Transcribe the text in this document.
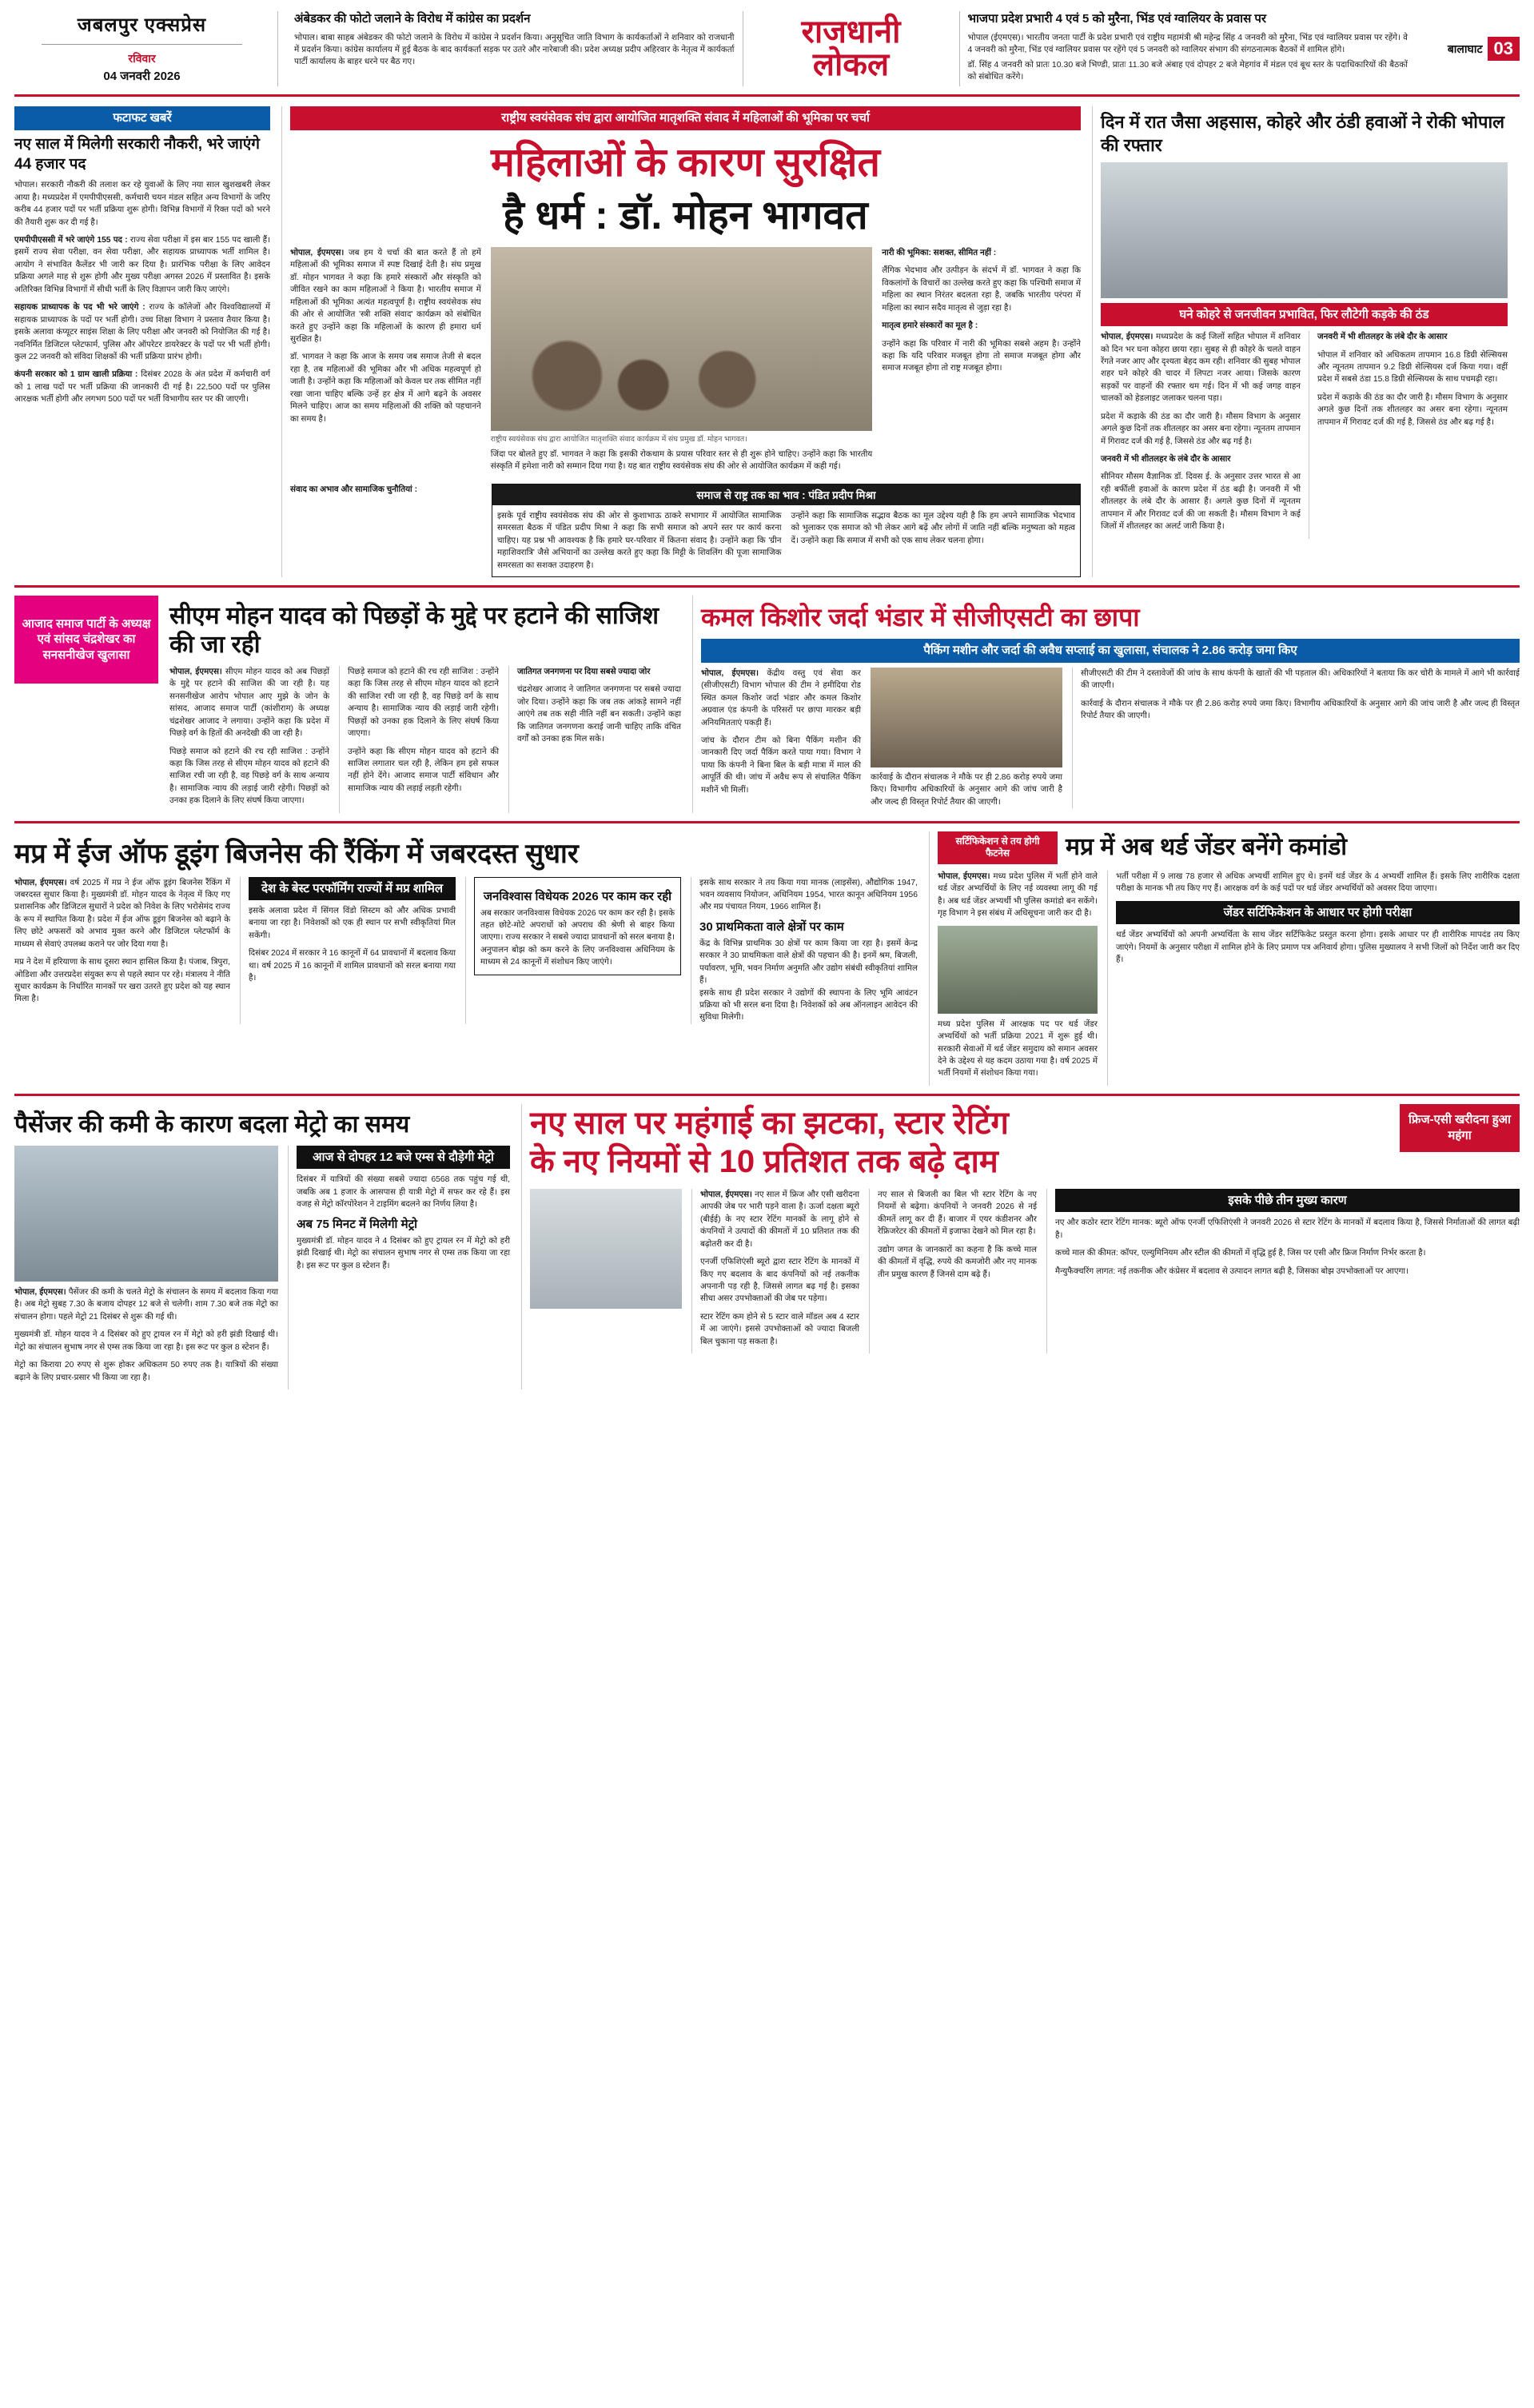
जबलपुर एक्सप्रेस
रविवार
04 जनवरी 2026
अंबेडकर की फोटो जलाने के विरोध में कांग्रेस का प्रदर्शन

भोपाल। बाबा साहब अंबेडकर की फोटो जलाने के विरोध में कांग्रेस ने प्रदर्शन किया। अनुसूचित जाति विभाग के कार्यकर्ताओं ने शनिवार को राजधानी में प्रदर्शन किया। कांग्रेस कार्यालय में हुई बैठक के बाद कार्यकर्ता सड़क पर उतरे और नारेबाजी की। प्रदेश अध्यक्ष प्रदीप अहिरवार के नेतृत्व में कार्यकर्ता पार्टी कार्यालय के बाहर धरने पर बैठ गए।

राजधानी
लोकल
भाजपा प्रदेश प्रभारी 4 एवं 5 को मुरैना, भिंड एवं ग्वालियर के प्रवास पर

भोपाल (ईएमएस)। भारतीय जनता पार्टी के प्रदेश प्रभारी एवं राष्ट्रीय महामंत्री श्री महेन्द्र सिंह 4 जनवरी को मुरैना, भिंड एवं ग्वालियर प्रवास पर रहेंगे। वे 4 जनवरी को मुरैना, भिंड एवं ग्वालियर प्रवास पर रहेंगे एवं 5 जनवरी को ग्वालियर संभाग की संगठनात्मक बैठकों में शामिल होंगे।

डॉ. सिंह 4 जनवरी को प्रातः 10.30 बजे भिण्डी, प्रातः 11.30 बजे अंबाह एवं दोपहर 2 बजे मेहगांव में मंडल एवं बूथ स्तर के पदाधिकारियों की बैठकों को संबोधित करेंगे।

बालाघाट 03
फटाफट खबरें
नए साल में मिलेगी सरकारी नौकरी, भरे जाएंगे 44 हजार पद

भोपाल। सरकारी नौकरी की तलाश कर रहे युवाओं के लिए नया साल खुशखबरी लेकर आया है। मध्यप्रदेश में एमपीपीएससी, कर्मचारी चयन मंडल सहित अन्य विभागों के जरिए करीब 44 हजार पदों पर भर्ती प्रक्रिया शुरू होगी। विभिन्न विभागों में रिक्त पदों को भरने की तैयारी शुरू कर दी गई है।

एमपीपीएससी में भरे जाएंगे 155 पद : राज्य सेवा परीक्षा में इस बार 155 पद खाली हैं। इसमें राज्य सेवा परीक्षा, वन सेवा परीक्षा, और सहायक प्राध्यापक भर्ती शामिल है। आयोग ने संभावित कैलेंडर भी जारी कर दिया है। प्रारंभिक परीक्षा के लिए आवेदन प्रक्रिया अगले माह से शुरू होगी और मुख्य परीक्षा अगस्त 2026 में प्रस्तावित है। इसके अतिरिक्त विभिन्न विभागों में सीधी भर्ती के लिए विज्ञापन जारी किए जाएंगे।

सहायक प्राध्यापक के पद भी भरे जाएंगे : राज्य के कॉलेजों और विश्वविद्यालयों में सहायक प्राध्यापक के पदों पर भर्ती होगी। उच्च शिक्षा विभाग ने प्रस्ताव तैयार किया है। इसके अलावा कंप्यूटर साइंस शिक्षा के लिए परीक्षा और जनवरी को नियोजित की गई है। नवनिर्मित डिजिटल प्लेटफार्म, पुलिस और ऑपरेटर डायरेक्टर के पदों पर भी भर्ती होगी। कुल 22 जनवरी को संविदा शिक्षकों की भर्ती प्रक्रिया प्रारंभ होगी।

कंपनी सरकार को 1 ग्राम खाली प्रक्रिया : दिसंबर 2028 के अंत प्रदेश में कर्मचारी वर्ग को 1 लाख पदों पर भर्ती प्रक्रिया की जानकारी दी गई है। 22,500 पदों पर पुलिस आरक्षक भर्ती होगी और लगभग 500 पदों पर भर्ती विभागीय स्तर पर की जाएगी।

राष्ट्रीय स्वयंसेवक संघ द्वारा आयोजित मातृशक्ति संवाद में महिलाओं की भूमिका पर चर्चा
महिलाओं के कारण सुरक्षित
है धर्म : डॉ. मोहन भागवत

भोपाल, ईएमएस। जब हम ये चर्चा की बात करते हैं तो हमें महिलाओं की भूमिका समाज में स्पष्ट दिखाई देती है। संघ प्रमुख डॉ. मोहन भागवत ने कहा कि हमारे संस्कारों और संस्कृति को जीवित रखने का काम महिलाओं ने किया है। भारतीय समाज में महिलाओं की भूमिका अत्यंत महत्वपूर्ण है। राष्ट्रीय स्वयंसेवक संघ की ओर से आयोजित 'स्त्री शक्ति संवाद' कार्यक्रम को संबोधित करते हुए उन्होंने कहा कि महिलाओं के कारण ही हमारा धर्म सुरक्षित है।

डॉ. भागवत ने कहा कि आज के समय जब समाज तेजी से बदल रहा है, तब महिलाओं की भूमिका और भी अधिक महत्वपूर्ण हो जाती है। उन्होंने कहा कि महिलाओं को केवल घर तक सीमित नहीं रखा जाना चाहिए बल्कि उन्हें हर क्षेत्र में आगे बढ़ने के अवसर मिलने चाहिए। आज का समय महिलाओं की शक्ति को पहचानने का समय है।

राष्ट्रीय स्वयंसेवक संघ द्वारा आयोजित मातृशक्ति संवाद कार्यक्रम में संघ प्रमुख डॉ. मोहन भागवत।

जिंदा पर बोलते हुए डॉ. भागवत ने कहा कि इसकी रोकथाम के प्रयास परिवार स्तर से ही शुरू होने चाहिए। उन्होंने कहा कि भारतीय संस्कृति में हमेशा नारी को सम्मान दिया गया है। यह बात राष्ट्रीय स्वयंसेवक संघ की ओर से आयोजित कार्यक्रम में कही गई।

नारी की भूमिका: सशक्त, सीमित नहीं :

लैंगिक भेदभाव और उत्पीड़न के संदर्भ में डॉ. भागवत ने कहा कि विकलांगों के विचारों का उल्लेख करते हुए कहा कि पश्चिमी समाज में महिला का स्थान निरंतर बदलता रहा है, जबकि भारतीय परंपरा में महिला का स्थान सदैव मातृत्व से जुड़ा रहा है।

मातृत्व हमारे संस्कारों का मूल है :

उन्होंने कहा कि परिवार में नारी की भूमिका सबसे अहम है। उन्होंने कहा कि यदि परिवार मजबूत होगा तो समाज मजबूत होगा और समाज मजबूत होगा तो राष्ट्र मजबूत होगा।

संवाद का अभाव और सामाजिक चुनौतियां :	समाज से राष्ट्र तक का भाव : पंडित प्रदीप मिश्रा
इसके पूर्व राष्ट्रीय स्वयंसेवक संघ की ओर से कुशाभाऊ ठाकरे सभागार में आयोजित सामाजिक समरसता बैठक में पंडित प्रदीप मिश्रा ने कहा कि सभी समाज को अपने स्तर पर कार्य करना चाहिए। यह प्रश्न भी आवश्यक है कि हमारे घर-परिवार में कितना संवाद है। उन्होंने कहा कि 'ग्रीन महाशिवरात्रि' जैसे अभियानों का उल्लेख करते हुए कहा कि मिट्टी के शिवलिंग की पूजा सामाजिक समरसता का सशक्त उदाहरण है।
उन्होंने कहा कि सामाजिक सद्भाव बैठक का मूल उद्देश्य यही है कि हम अपने सामाजिक भेदभाव को भुलाकर एक समाज को भी लेकर आगे बढ़ें और लोगों में जाति नहीं बल्कि मनुष्यता को महत्व दें। उन्होंने कहा कि समाज में सभी को एक साथ लेकर चलना होगा।
दिन में रात जैसा अहसास, कोहरे और ठंडी हवाओं ने रोकी भोपाल की रफ्तार
घने कोहरे से जनजीवन प्रभावित, फिर लौटेगी कड़के की ठंड

भोपाल, ईएमएस। मध्यप्रदेश के कई जिलों सहित भोपाल में शनिवार को दिन भर घना कोहरा छाया रहा। सुबह से ही कोहरे के चलते वाहन रेंगते नजर आए और दृश्यता बेहद कम रही। शनिवार की सुबह भोपाल शहर घने कोहरे की चादर में लिपटा नजर आया। जिसके कारण सड़कों पर वाहनों की रफ्तार थम गई। दिन में भी कई जगह वाहन चालकों को हेडलाइट जलाकर चलना पड़ा।

प्रदेश में कड़ाके की ठंड का दौर जारी है। मौसम विभाग के अनुसार अगले कुछ दिनों तक शीतलहर का असर बना रहेगा। न्यूनतम तापमान में गिरावट दर्ज की गई है, जिससे ठंड और बढ़ गई है।

जनवरी में भी शीतलहर के लंबे दौर के आसार

सीनियर मौसम वैज्ञानिक डॉ. दिवस ई. के अनुसार उत्तर भारत से आ रही बर्फीली हवाओं के कारण प्रदेश में ठंड बढ़ी है। जनवरी में भी शीतलहर के लंबे दौर के आसार हैं। अगले कुछ दिनों में न्यूनतम तापमान में और गिरावट दर्ज की जा सकती है। मौसम विभाग ने कई जिलों में शीतलहर का अलर्ट जारी किया है।

जनवरी में भी शीतलहर के लंबे दौर के आसार

भोपाल में शनिवार को अधिकतम तापमान 16.8 डिग्री सेल्सियस और न्यूनतम तापमान 9.2 डिग्री सेल्सियस दर्ज किया गया। वहीं प्रदेश में सबसे ठंडा 15.8 डिग्री सेल्सियस के साथ पचमढ़ी रहा।

प्रदेश में कड़ाके की ठंड का दौर जारी है। मौसम विभाग के अनुसार अगले कुछ दिनों तक शीतलहर का असर बना रहेगा। न्यूनतम तापमान में गिरावट दर्ज की गई है, जिससे ठंड और बढ़ गई है।

आजाद समाज पार्टी के अध्यक्ष एवं सांसद चंद्रशेखर का सनसनीखेज खुलासा
सीएम मोहन यादव को पिछड़ों के मुद्दे पर हटाने की साजिश की जा रही

भोपाल, ईएमएस। सीएम मोहन यादव को अब पिछड़ों के मुद्दे पर हटाने की साजिश की जा रही है। यह सनसनीखेज आरोप भोपाल आए मुझे के जोन के सांसद, आजाद समाज पार्टी (कांशीराम) के अध्यक्ष चंद्रशेखर आजाद ने लगाया। उन्होंने कहा कि प्रदेश में पिछड़े वर्ग के हितों की अनदेखी की जा रही है।

पिछड़े समाज को हटाने की रच रही साजिश : उन्होंने कहा कि जिस तरह से सीएम मोहन यादव को हटाने की साजिश रची जा रही है, वह पिछड़े वर्ग के साथ अन्याय है। सामाजिक न्याय की लड़ाई जारी रहेगी। पिछड़ों को उनका हक दिलाने के लिए संघर्ष किया जाएगा।

पिछड़े समाज को हटाने की रच रही साजिश : उन्होंने कहा कि जिस तरह से सीएम मोहन यादव को हटाने की साजिश रची जा रही है, वह पिछड़े वर्ग के साथ अन्याय है। सामाजिक न्याय की लड़ाई जारी रहेगी। पिछड़ों को उनका हक दिलाने के लिए संघर्ष किया जाएगा।

उन्होंने कहा कि सीएम मोहन यादव को हटाने की साजिश लगातार चल रही है, लेकिन हम इसे सफल नहीं होने देंगे। आजाद समाज पार्टी संविधान और सामाजिक न्याय की लड़ाई लड़ती रहेगी।

जातिगत जनगणना पर दिया सबसे ज्यादा जोर

चंद्रशेखर आजाद ने जातिगत जनगणना पर सबसे ज्यादा जोर दिया। उन्होंने कहा कि जब तक आंकड़े सामने नहीं आएंगे तब तक सही नीति नहीं बन सकती। उन्होंने कहा कि जातिगत जनगणना कराई जानी चाहिए ताकि वंचित वर्गों को उनका हक मिल सके।

कमल किशोर जर्दा भंडार में सीजीएसटी का छापा
पैकिंग मशीन और जर्दा की अवैध सप्लाई का खुलासा, संचालक ने 2.86 करोड़ जमा किए

भोपाल, ईएमएस। केंद्रीय वस्तु एवं सेवा कर (सीजीएसटी) विभाग भोपाल की टीम ने हमीदिया रोड स्थित कमल किशोर जर्दा भंडार और कमल किशोर अग्रवाल एंड कंपनी के परिसरों पर छापा मारकर बड़ी अनियमितताएं पकड़ी हैं।

जांच के दौरान टीम को बिना पैकिंग मशीन की जानकारी दिए जर्दा पैकिंग करते पाया गया। विभाग ने पाया कि कंपनी ने बिना बिल के बड़ी मात्रा में माल की आपूर्ति की थी। जांच में अवैध रूप से संचालित पैकिंग मशीनें भी मिलीं।

कार्रवाई के दौरान संचालक ने मौके पर ही 2.86 करोड़ रुपये जमा किए। विभागीय अधिकारियों के अनुसार आगे की जांच जारी है और जल्द ही विस्तृत रिपोर्ट तैयार की जाएगी।

सीजीएसटी की टीम ने दस्तावेजों की जांच के साथ कंपनी के खातों की भी पड़ताल की। अधिकारियों ने बताया कि कर चोरी के मामले में आगे भी कार्रवाई की जाएगी।

कार्रवाई के दौरान संचालक ने मौके पर ही 2.86 करोड़ रुपये जमा किए। विभागीय अधिकारियों के अनुसार आगे की जांच जारी है और जल्द ही विस्तृत रिपोर्ट तैयार की जाएगी।

मप्र में ईज ऑफ डूइंग बिजनेस की रैंकिंग में जबरदस्त सुधार

भोपाल, ईएमएस। वर्ष 2025 में मप्र ने ईज ऑफ डूइंग बिजनेस रैंकिंग में जबरदस्त सुधार किया है। मुख्यमंत्री डॉ. मोहन यादव के नेतृत्व में किए गए प्रशासनिक और डिजिटल सुधारों ने प्रदेश को निवेश के लिए भरोसेमंद राज्य के रूप में स्थापित किया है। प्रदेश में ईज ऑफ डूइंग बिजनेस को बढ़ाने के लिए छोटे अफसरों को अभाव मुक्त करने और डिजिटल प्लेटफॉर्म के माध्यम से सेवाएं उपलब्ध कराने पर जोर दिया गया है।

मप्र ने देश में हरियाणा के साथ दूसरा स्थान हासिल किया है। पंजाब, त्रिपुरा, ओडिशा और उत्तरप्रदेश संयुक्त रूप से पहले स्थान पर रहे। मंत्रालय ने नीति सुधार कार्यक्रम के निर्धारित मानकों पर खरा उतरते हुए प्रदेश को यह स्थान मिला है।

देश के बेस्ट परफॉर्मिंग राज्यों में मप्र शामिल

इसके अलावा प्रदेश में सिंगल विंडो सिस्टम को और अधिक प्रभावी बनाया जा रहा है। निवेशकों को एक ही स्थान पर सभी स्वीकृतियां मिल सकेंगी।

दिसंबर 2024 में सरकार ने 16 कानूनों में 64 प्रावधानों में बदलाव किया था। वर्ष 2025 में 16 कानूनों में शामिल प्रावधानों को सरल बनाया गया है।

जनविश्वास विधेयक 2026 पर काम कर रही
अब सरकार जनविश्वास विधेयक 2026 पर काम कर रही है। इसके तहत छोटे-मोटे अपराधों को अपराध की श्रेणी से बाहर किया जाएगा। राज्य सरकार ने सबसे ज्यादा प्रावधानों को सरल बनाया है। अनुपालन बोझ को कम करने के लिए जनविश्वास अधिनियम के माध्यम से 24 कानूनों में संशोधन किए जाएंगे।
इसके साथ सरकार ने तय किया गया मानक (लाइसेंस), औद्योगिक 1947, भवन व्यवसाय नियोजन, अधिनियम 1954, भारत कानून अधिनियम 1956 और मप्र पंचायत नियम, 1966 शामिल हैं।
30 प्राथमिकता वाले क्षेत्रों पर काम
केंद्र के विभिन्न प्राथमिक 30 क्षेत्रों पर काम किया जा रहा है। इसमें केन्द्र सरकार ने 30 प्राथमिकता वाले क्षेत्रों की पहचान की है। इनमें श्रम, बिजली, पर्यावरण, भूमि, भवन निर्माण अनुमति और उद्योग संबंधी स्वीकृतियां शामिल हैं।
इसके साथ ही प्रदेश सरकार ने उद्योगों की स्थापना के लिए भूमि आवंटन प्रक्रिया को भी सरल बना दिया है। निवेशकों को अब ऑनलाइन आवेदन की सुविधा मिलेगी।
सर्टिफिकेशन से तय होगी फैटनेस	मप्र में अब थर्ड जेंडर बनेंगे कमांडो

भोपाल, ईएमएस। मध्य प्रदेश पुलिस में भर्ती होने वाले थर्ड जेंडर अभ्यर्थियों के लिए नई व्यवस्था लागू की गई है। अब थर्ड जेंडर अभ्यर्थी भी पुलिस कमांडो बन सकेंगे। गृह विभाग ने इस संबंध में अधिसूचना जारी कर दी है।

मध्य प्रदेश पुलिस में आरक्षक पद पर थर्ड जेंडर अभ्यर्थियों को भर्ती प्रक्रिया 2021 में शुरू हुई थी। सरकारी सेवाओं में थर्ड जेंडर समुदाय को समान अवसर देने के उद्देश्य से यह कदम उठाया गया है। वर्ष 2025 में भर्ती नियमों में संशोधन किया गया।

भर्ती परीक्षा में 9 लाख 78 हजार से अधिक अभ्यर्थी शामिल हुए थे। इनमें थर्ड जेंडर के 4 अभ्यर्थी शामिल हैं। इसके लिए शारीरिक दक्षता परीक्षा के मानक भी तय किए गए हैं। आरक्षक वर्ग के कई पदों पर थर्ड जेंडर अभ्यर्थियों को अवसर दिया जाएगा।

जेंडर सर्टिफिकेशन के आधार पर होगी परीक्षा

थर्ड जेंडर अभ्यर्थियों को अपनी अभ्यर्थिता के साथ जेंडर सर्टिफिकेट प्रस्तुत करना होगा। इसके आधार पर ही शारीरिक मापदंड तय किए जाएंगे। नियमों के अनुसार परीक्षा में शामिल होने के लिए प्रमाण पत्र अनिवार्य होगा। पुलिस मुख्यालय ने सभी जिलों को निर्देश जारी कर दिए हैं।

पैसेंजर की कमी के कारण बदला मेट्रो का समय

भोपाल, ईएमएस। पैसेंजर की कमी के चलते मेट्रो के संचालन के समय में बदलाव किया गया है। अब मेट्रो सुबह 7.30 के बजाय दोपहर 12 बजे से चलेगी। शाम 7.30 बजे तक मेट्रो का संचालन होगा। पहले मेट्रो 21 दिसंबर से शुरू की गई थी।

मुख्यमंत्री डॉ. मोहन यादव ने 4 दिसंबर को हुए ट्रायल रन में मेट्रो को हरी झंडी दिखाई थी। मेट्रो का संचालन सुभाष नगर से एम्स तक किया जा रहा है। इस रूट पर कुल 8 स्टेशन हैं।

मेट्रो का किराया 20 रुपए से शुरू होकर अधिकतम 50 रुपए तक है। यात्रियों की संख्या बढ़ाने के लिए प्रचार-प्रसार भी किया जा रहा है।

आज से दोपहर 12 बजे एम्स से दौड़ेगी मेट्रो
दिसंबर में यात्रियों की संख्या सबसे ज्यादा 6568 तक पहुंच गई थी, जबकि अब 1 हजार के आसपास ही यात्री मेट्रो में सफर कर रहे हैं। इस वजह से मेट्रो कॉरपोरेशन ने टाइमिंग बदलने का निर्णय लिया है।
अब 75 मिनट में मिलेगी मेट्रो
मुख्यमंत्री डॉ. मोहन यादव ने 4 दिसंबर को हुए ट्रायल रन में मेट्रो को हरी झंडी दिखाई थी। मेट्रो का संचालन सुभाष नगर से एम्स तक किया जा रहा है। इस रूट पर कुल 8 स्टेशन हैं।
नए साल पर महंगाई का झटका, स्टार रेटिंग
के नए नियमों से 10 प्रतिशत तक बढ़े दाम
फ्रिज-एसी खरीदना हुआ महंगा

भोपाल, ईएमएस। नए साल में फ्रिज और एसी खरीदना आपकी जेब पर भारी पड़ने वाला है। ऊर्जा दक्षता ब्यूरो (बीईई) के नए स्टार रेटिंग मानकों के लागू होने से कंपनियों ने उत्पादों की कीमतों में 10 प्रतिशत तक की बढ़ोतरी कर दी है।

एनर्जी एफिशिएंसी ब्यूरो द्वारा स्टार रेटिंग के मानकों में किए गए बदलाव के बाद कंपनियों को नई तकनीक अपनानी पड़ रही है, जिससे लागत बढ़ गई है। इसका सीधा असर उपभोक्ताओं की जेब पर पड़ेगा।

स्टार रेटिंग कम होने से 5 स्टार वाले मॉडल अब 4 स्टार में आ जाएंगे। इससे उपभोक्ताओं को ज्यादा बिजली बिल चुकाना पड़ सकता है।

नए साल से बिजली का बिल भी स्टार रेटिंग के नए नियमों से बढ़ेगा। कंपनियों ने जनवरी 2026 से नई कीमतें लागू कर दी हैं। बाजार में एयर कंडीशनर और रेफ्रिजरेटर की कीमतों में इजाफा देखने को मिल रहा है।

उद्योग जगत के जानकारों का कहना है कि कच्चे माल की कीमतों में वृद्धि, रुपये की कमजोरी और नए मानक तीन प्रमुख कारण हैं जिनसे दाम बढ़े हैं।

इसके पीछे तीन मुख्य कारण

नए और कठोर स्टार रेटिंग मानक: ब्यूरो ऑफ एनर्जी एफिशिएंसी ने जनवरी 2026 से स्टार रेटिंग के मानकों में बदलाव किया है, जिससे निर्माताओं की लागत बढ़ी है।

कच्चे माल की कीमत: कॉपर, एल्युमिनियम और स्टील की कीमतों में वृद्धि हुई है, जिस पर एसी और फ्रिज निर्माण निर्भर करता है।

मैन्युफैक्चरिंग लागत: नई तकनीक और कंप्रेसर में बदलाव से उत्पादन लागत बढ़ी है, जिसका बोझ उपभोक्ताओं पर आएगा।
